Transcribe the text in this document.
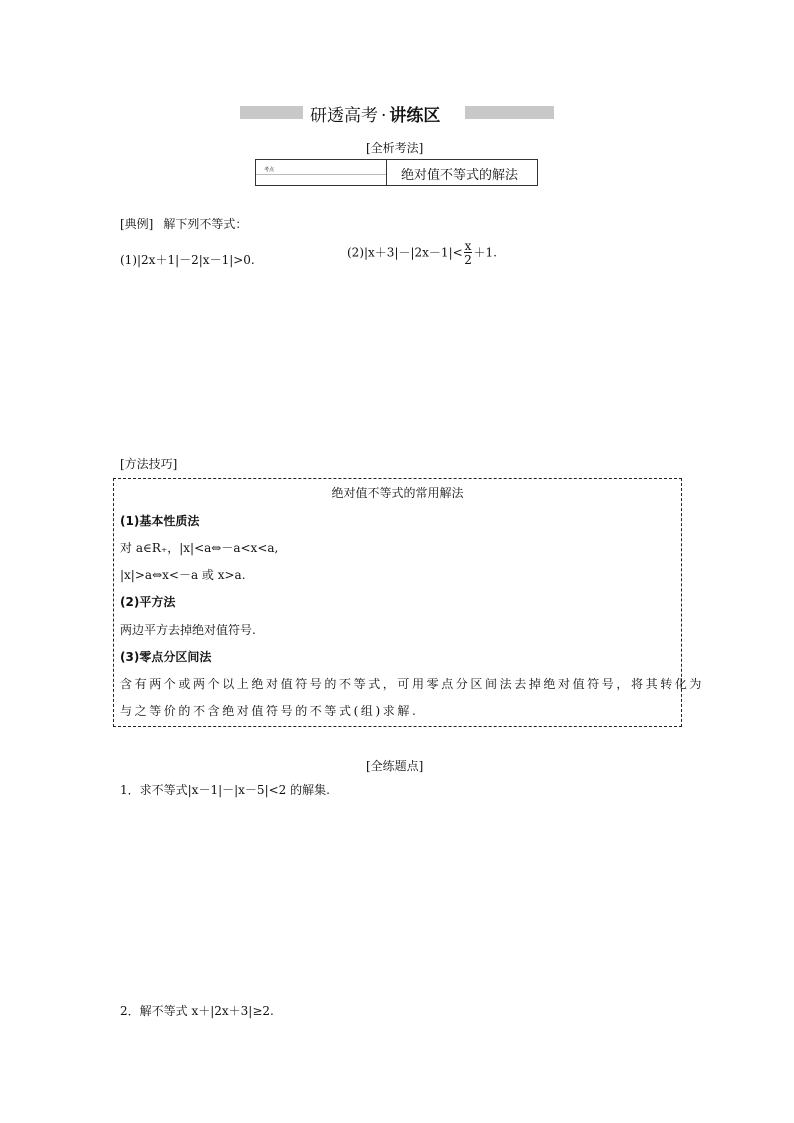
研透高考 · 讲练区
[全析考法]
考点	绝对值不等式的解法
[典例] 解下列不等式：
(1)|2x＋1|－2|x－1|>0.
$(2)|x+3|-|2x-1|< \frac{x}{2} +1$.
[方法技巧]
绝对值不等式的常用解法
(1)基本性质法
对 a∈R₊，|x|<a⇔－a<x<a,
|x|>a⇔x<－a 或 x>a.
(2)平方法
两边平方去掉绝对值符号.
(3)零点分区间法
含有两个或两个以上绝对值符号的不等式，可用零点分区间法去掉绝对值符号，将其转化为
与之等价的不含绝对值符号的不等式(组)求解.
[全练题点]
1．求不等式|x－1|－|x－5|<2 的解集.
2．解不等式 x＋|2x＋3|≥2.
